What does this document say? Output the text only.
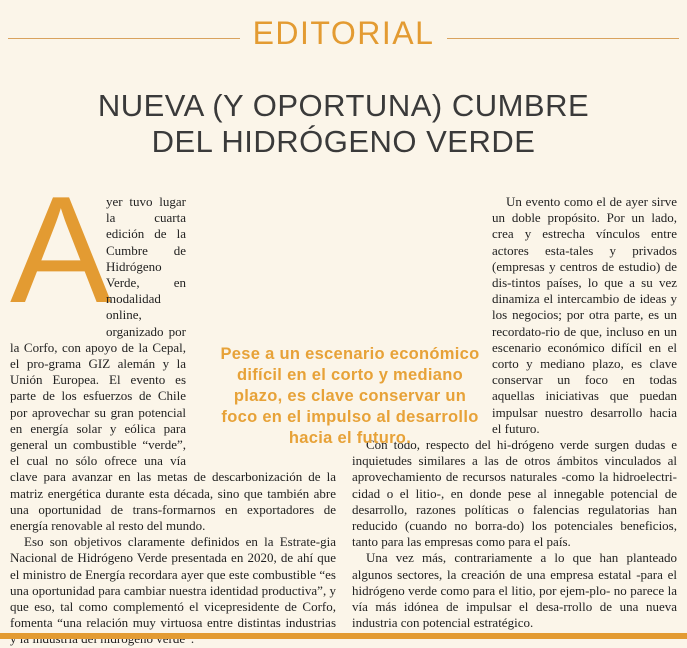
EDITORIAL
NUEVA (Y OPORTUNA) CUMBRE
DEL HIDRÓGENO VERDE
A

yer tuvo lugar la cuarta edición de la Cumbre de Hidrógeno Verde, en modalidad online, organizado por la Corfo, con apoyo de la Cepal, el pro-grama GIZ alemán y la Unión Europea. El evento es parte de los esfuerzos de Chile por aprovechar su gran potencial en energía solar y eólica para general un combustible “verde”, el cual no sólo ofrece una vía clave para avanzar en las metas de descarbonización de la matriz energética durante esta década, sino que también abre una oportunidad de trans-formarnos en exportadores de energía renovable al resto del mundo.

Eso son objetivos claramente definidos en la Estrate-gia Nacional de Hidrógeno Verde presentada en 2020, de ahí que el ministro de Energía recordara ayer que este combustible “es una oportunidad para cambiar nuestra identidad productiva”, y que eso, tal como complementó el vicepresidente de Corfo, fomenta “una relación muy virtuosa entre distintas industrias

Un evento como el de ayer sirve un doble propósito. Por un lado, crea y estrecha vínculos entre actores esta-tales y privados (empresas y centros de estudio) de dis-tintos países, lo que a su vez dinamiza el intercambio de ideas y los negocios; por otra parte, es un recordato-rio de que, incluso en un escenario económico difícil en el corto y mediano plazo, es clave conservar un foco en todas aquellas iniciativas que puedan impulsar nuestro desarrollo hacia el futuro.

Con todo, respecto del hi-drógeno verde surgen dudas e inquietudes similares a las de otros ámbitos vinculados al aprovechamiento de recursos naturales -como la hidroelectri-cidad o el litio-, en donde pese al innegable potencial de desarrollo, razones políticas o falencias regulatorias han reducido (cuando no borra-do) los potenciales beneficios, tanto para las empresas como para el país.

Una vez más, contrariamente a lo que han planteado algunos sectores, la creación de una empresa estatal -para el hidrógeno verde como para el litio, por ejem-plo- no parece la vía más idónea de impulsar el desa-rrollo de una nueva industria con potencial estratégico.

Pese a un escenario económico difícil en el corto y mediano plazo, es clave conservar un foco en el impulso al desarrollo hacia el futuro.
